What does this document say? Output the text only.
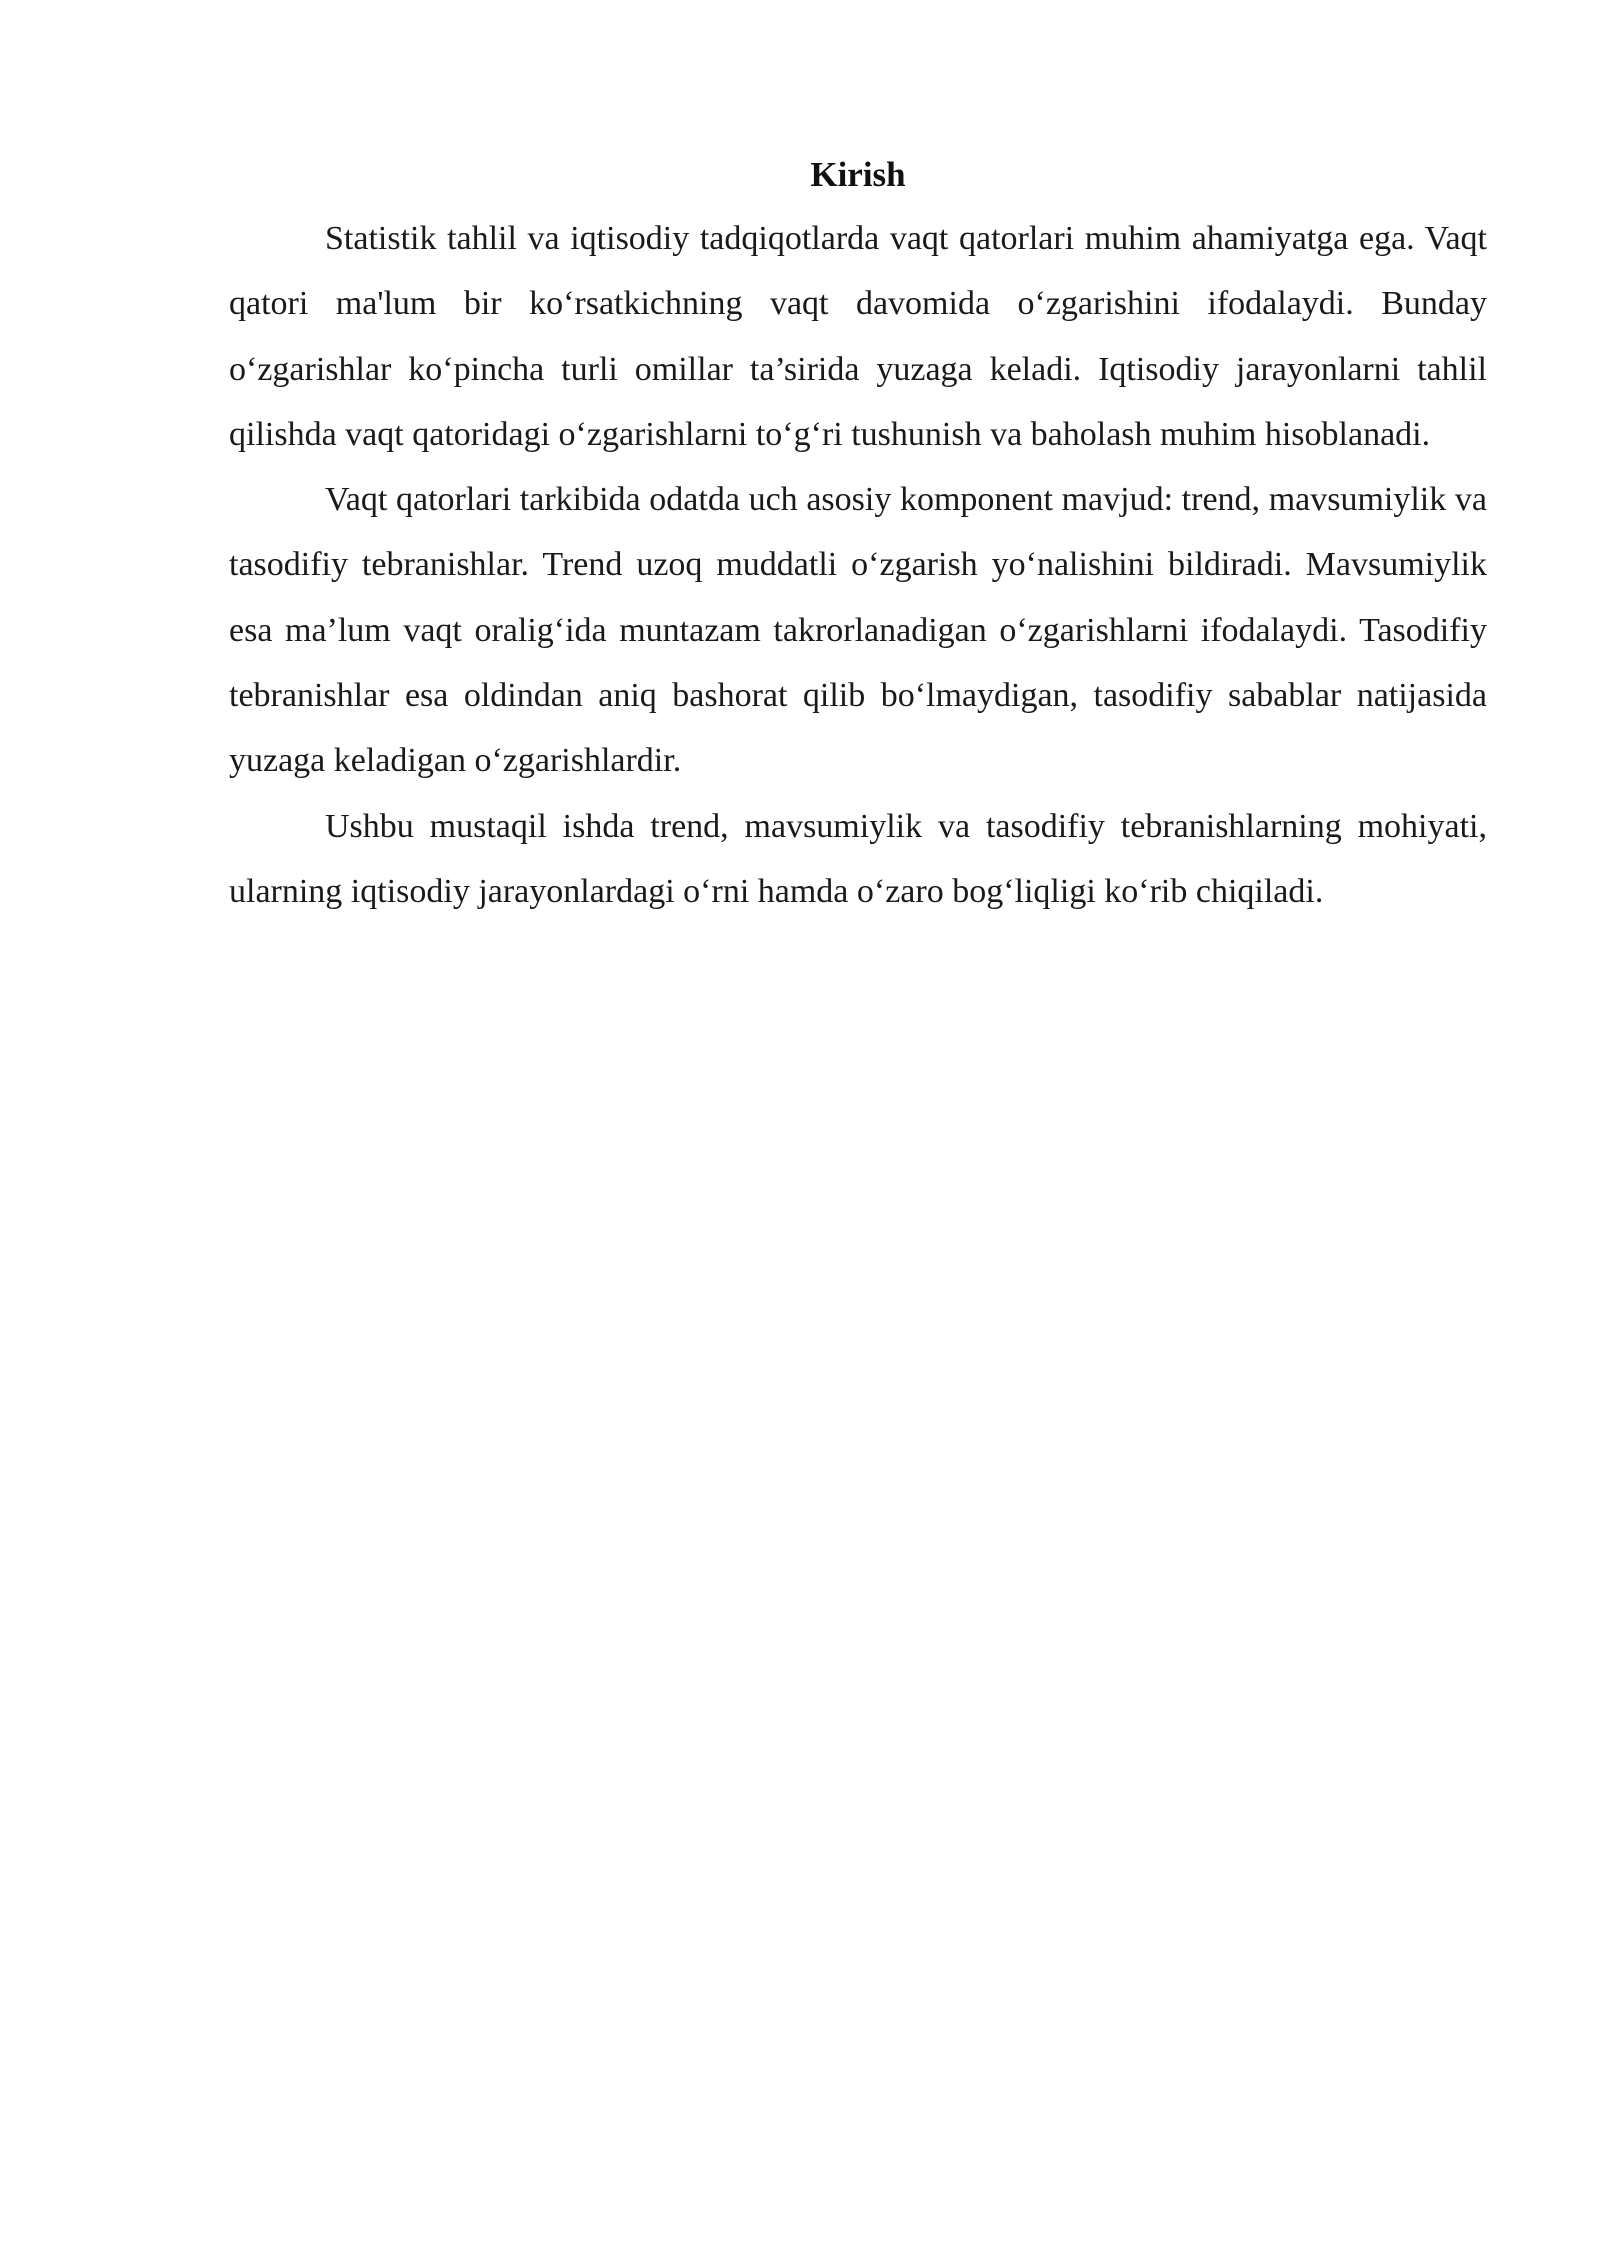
Kirish

Statistik tahlil va iqtisodiy tadqiqotlarda vaqt qatorlari muhim ahamiyatga ega. Vaqt qatori ma'lum bir ko‘rsatkichning vaqt davomida o‘zgarishini ifodalaydi. Bunday o‘zgarishlar ko‘pincha turli omillar ta’sirida yuzaga keladi. Iqtisodiy jarayonlarni tahlil qilishda vaqt qatoridagi o‘zgarishlarni to‘g‘ri tushunish va baholash muhim hisoblanadi.

Vaqt qatorlari tarkibida odatda uch asosiy komponent mavjud: trend, mavsumiylik va tasodifiy tebranishlar. Trend uzoq muddatli o‘zgarish yo‘nalishini bildiradi. Mavsumiylik esa ma’lum vaqt oralig‘ida muntazam takrorlanadigan o‘zgarishlarni ifodalaydi. Tasodifiy tebranishlar esa oldindan aniq bashorat qilib bo‘lmaydigan, tasodifiy sabablar natijasida yuzaga keladigan o‘zgarishlardir.

Ushbu mustaqil ishda trend, mavsumiylik va tasodifiy tebranishlarning mohiyati, ularning iqtisodiy jarayonlardagi o‘rni hamda o‘zaro bog‘liqligi ko‘rib chiqiladi.
